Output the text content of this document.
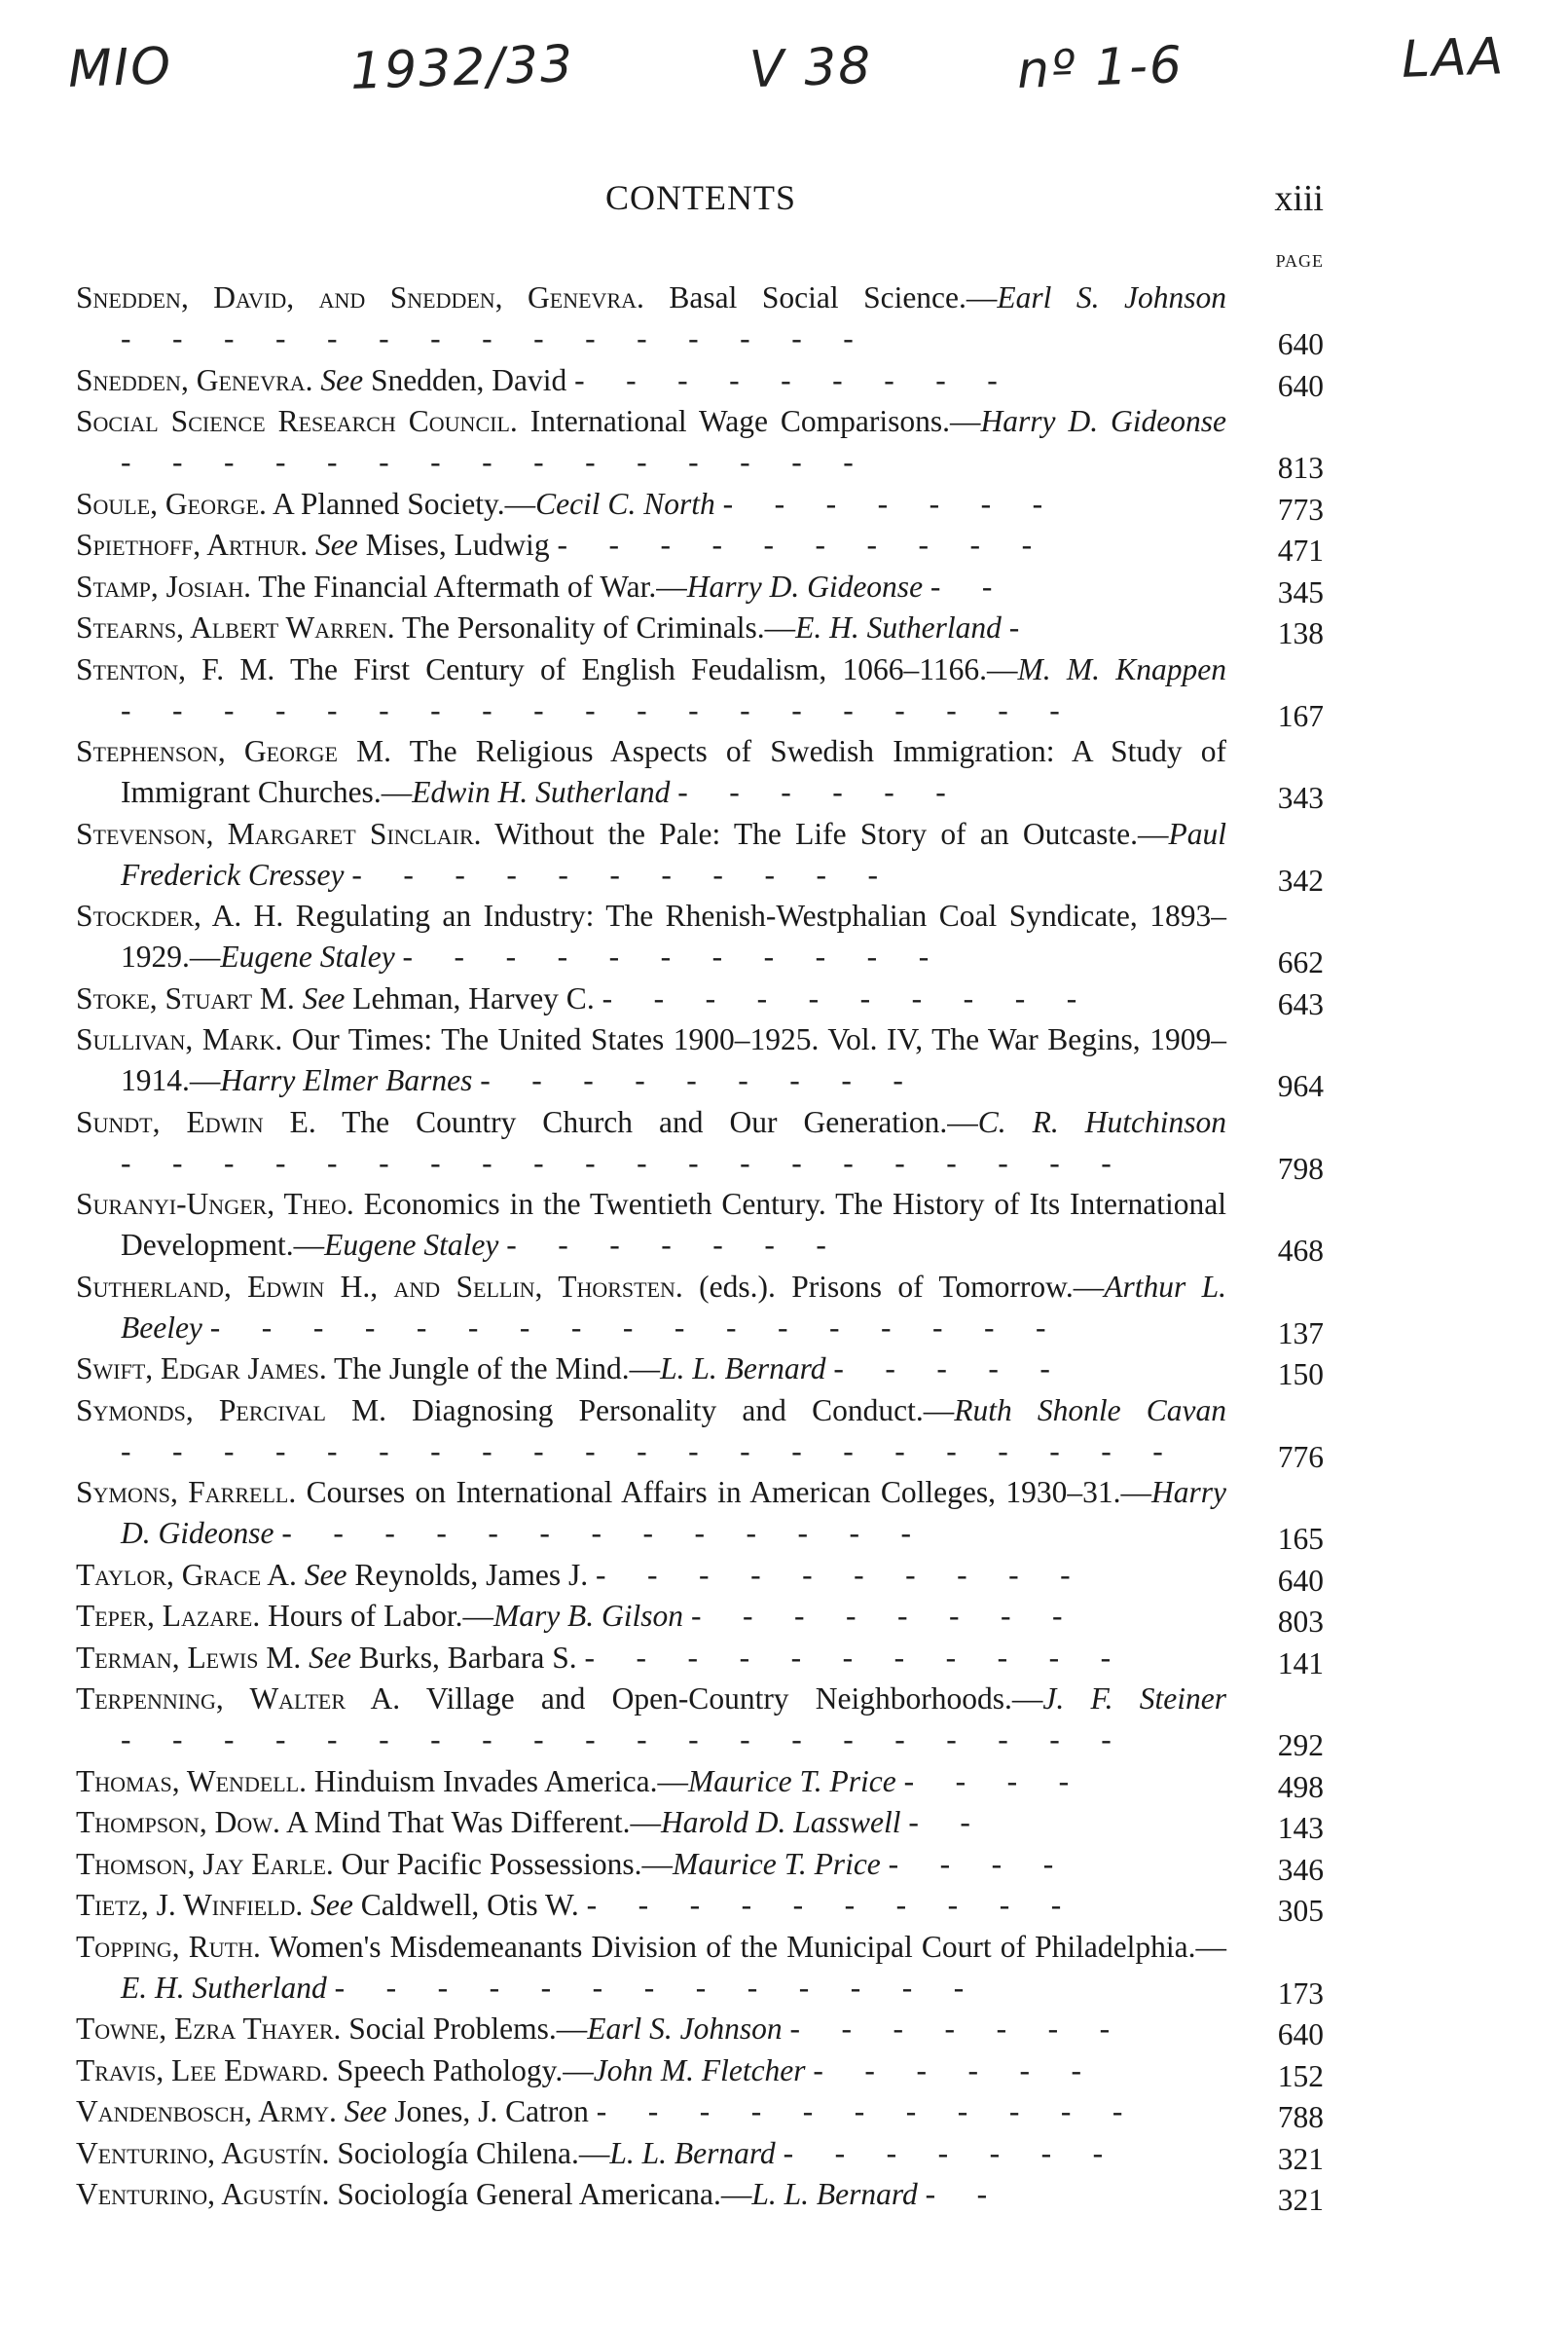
MIO	1932/33	V 38	nº 1-6	LAA
CONTENTS	xiii
PAGE
Snedden, David, and Snedden, Genevra. Basal Social Science.—Earl S. Johnson - - - - - - - - - - - - - - -	640
Snedden, Genevra. See Snedden, David - - - - - - - - -	640
Social Science Research Council. International Wage Comparisons.—Harry D. Gideonse - - - - - - - - - - - - - - -	813
Soule, George. A Planned Society.—Cecil C. North - - - - - - -	773
Spiethoff, Arthur. See Mises, Ludwig - - - - - - - - - -	471
Stamp, Josiah. The Financial Aftermath of War.—Harry D. Gideonse - -	345
Stearns, Albert Warren. The Personality of Criminals.—E. H. Sutherland -	138
Stenton, F. M. The First Century of English Feudalism, 1066–1166.—M. M. Knappen - - - - - - - - - - - - - - - - - - -	167
Stephenson, George M. The Religious Aspects of Swedish Immigration: A Study of Immigrant Churches.—Edwin H. Sutherland - - - - - -	343
Stevenson, Margaret Sinclair. Without the Pale: The Life Story of an Outcaste.—Paul Frederick Cressey - - - - - - - - - - -	342
Stockder, A. H. Regulating an Industry: The Rhenish-Westphalian Coal Syndicate, 1893–1929.—Eugene Staley - - - - - - - - - - -	662
Stoke, Stuart M. See Lehman, Harvey C. - - - - - - - - - -	643
Sullivan, Mark. Our Times: The United States 1900–1925. Vol. IV, The War Begins, 1909–1914.—Harry Elmer Barnes - - - - - - - - -	964
Sundt, Edwin E. The Country Church and Our Generation.—C. R. Hutchinson - - - - - - - - - - - - - - - - - - - -	798
Suranyi-Unger, Theo. Economics in the Twentieth Century. The History of Its International Development.—Eugene Staley - - - - - - -	468
Sutherland, Edwin H., and Sellin, Thorsten. (eds.). Prisons of Tomorrow.—Arthur L. Beeley - - - - - - - - - - - - - - - - -	137
Swift, Edgar James. The Jungle of the Mind.—L. L. Bernard - - - - -	150
Symonds, Percival M. Diagnosing Personality and Conduct.—Ruth Shonle Cavan - - - - - - - - - - - - - - - - - - - - -	776
Symons, Farrell. Courses on International Affairs in American Colleges, 1930–31.—Harry D. Gideonse - - - - - - - - - - - - -	165
Taylor, Grace A. See Reynolds, James J. - - - - - - - - - -	640
Teper, Lazare. Hours of Labor.—Mary B. Gilson - - - - - - - -	803
Terman, Lewis M. See Burks, Barbara S. - - - - - - - - - - -	141
Terpenning, Walter A. Village and Open-Country Neighborhoods.—J. F. Steiner - - - - - - - - - - - - - - - - - - - -	292
Thomas, Wendell. Hinduism Invades America.—Maurice T. Price - - - -	498
Thompson, Dow. A Mind That Was Different.—Harold D. Lasswell - -	143
Thomson, Jay Earle. Our Pacific Possessions.—Maurice T. Price - - - -	346
Tietz, J. Winfield. See Caldwell, Otis W. - - - - - - - - - -	305
Topping, Ruth. Women's Misdemeanants Division of the Municipal Court of Philadelphia.—E. H. Sutherland - - - - - - - - - - - - -	173
Towne, Ezra Thayer. Social Problems.—Earl S. Johnson - - - - - - -	640
Travis, Lee Edward. Speech Pathology.—John M. Fletcher - - - - - -	152
Vandenbosch, Army. See Jones, J. Catron - - - - - - - - - - -	788
Venturino, Agustín. Sociología Chilena.—L. L. Bernard - - - - - - -	321
Venturino, Agustín. Sociología General Americana.—L. L. Bernard - -	321
